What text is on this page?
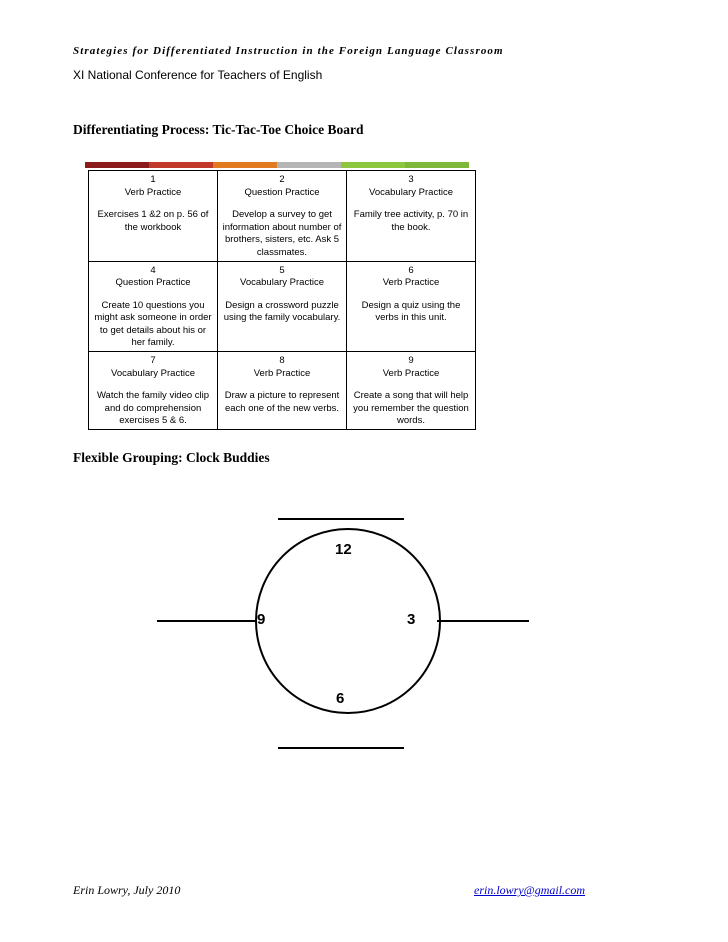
Strategies for Differentiated Instruction in the Foreign Language Classroom
XI National Conference for Teachers of English
Differentiating Process: Tic-Tac-Toe Choice Board
1
Verb Practice
Exercises 1 &2 on p. 56 of the workbook	2
Question Practice
Develop a survey to get information about number of brothers, sisters, etc. Ask 5 classmates.	3
Vocabulary Practice
Family tree activity, p. 70 in the book.

4
Question Practice
Create 10 questions you might ask someone in order to get details about his or her family.	5
Vocabulary Practice
Design a crossword puzzle using the family vocabulary.	6
Verb Practice
Design a quiz using the verbs in this unit.

7
Vocabulary Practice
Watch the family video clip and do comprehension exercises 5 & 6.	8
Verb Practice
Draw a picture to represent each one of the new verbs.	9
Verb Practice
Create a song that will help you remember the question words.
Flexible Grouping: Clock Buddies
12
9	3
6
Erin Lowry, July 2010	erin.lowry@gmail.com
